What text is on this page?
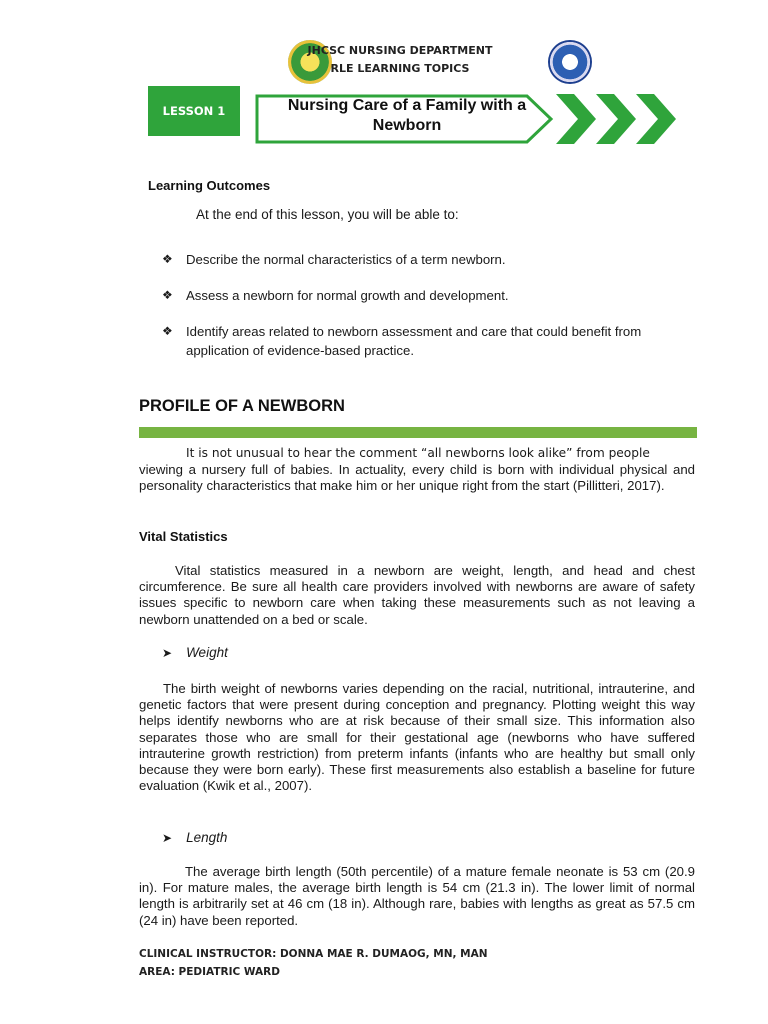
JHCSC NURSING DEPARTMENT
RLE LEARNING TOPICS
LESSON 1	Nursing Care of a Family with a
Newborn
Learning Outcomes
At the end of this lesson, you will be able to:
❖ Describe the normal characteristics of a term newborn.
❖ Assess a newborn for normal growth and development.
❖ Identify areas related to newborn assessment and care that could benefit from application of evidence-based practice.
PROFILE OF A NEWBORN
It is not unusual to hear the comment “all newborns look alike” from people
viewing a nursery full of babies. In actuality, every child is born with individual physical and personality characteristics that make him or her unique right from the start (Pillitteri, 2017).
Vital Statistics
Vital statistics measured in a newborn are weight, length, and head and chest circumference. Be sure all health care providers involved with newborns are aware of safety issues specific to newborn care when taking these measurements such as not leaving a newborn unattended on a bed or scale.
➤ Weight
The birth weight of newborns varies depending on the racial, nutritional, intrauterine, and genetic factors that were present during conception and pregnancy. Plotting weight this way helps identify newborns who are at risk because of their small size. This information also separates those who are small for their gestational age (newborns who have suffered intrauterine growth restriction) from preterm infants (infants who are healthy but small only because they were born early). These first measurements also establish a baseline for future evaluation (Kwik et al., 2007).
➤ Length
The average birth length (50th percentile) of a mature female neonate is 53 cm (20.9 in). For mature males, the average birth length is 54 cm (21.3 in). The lower limit of normal length is arbitrarily set at 46 cm (18 in). Although rare, babies with lengths as great as 57.5 cm (24 in) have been reported.
CLINICAL INSTRUCTOR: DONNA MAE R. DUMAOG, MN, MAN
AREA: PEDIATRIC WARD
